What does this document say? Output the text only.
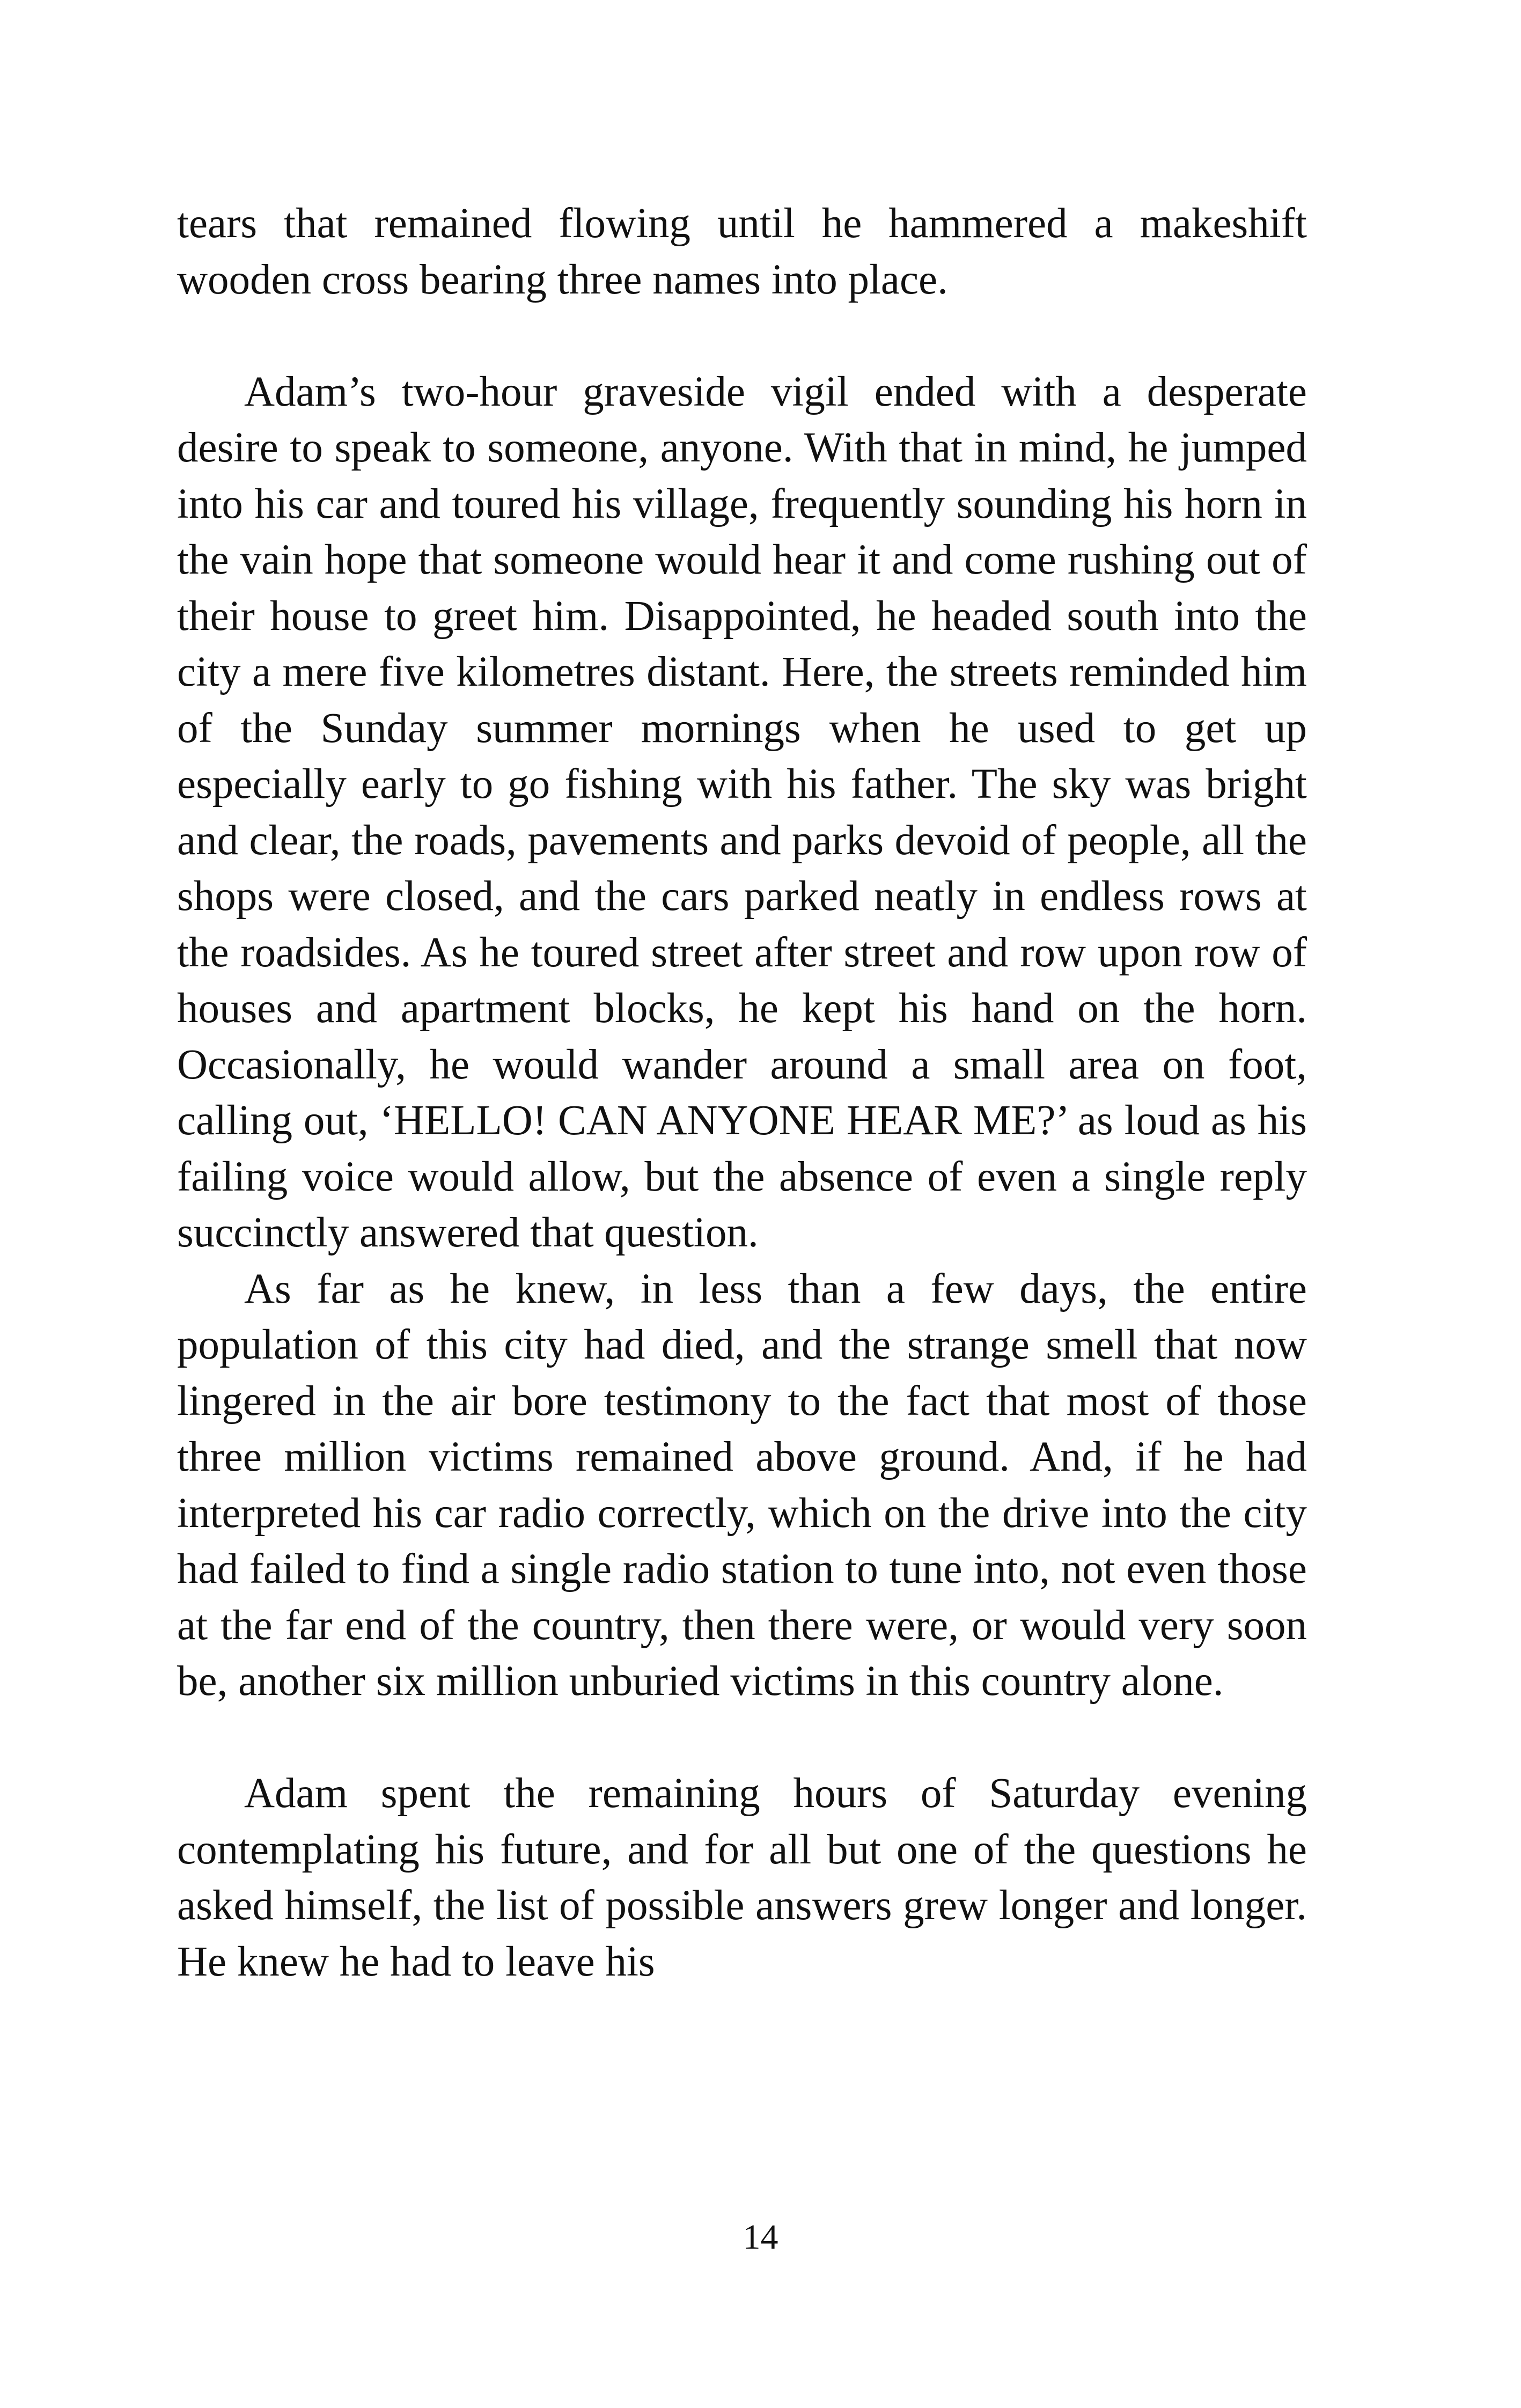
tears that remained flowing until he hammered a makeshift wooden cross bearing three names into place.

Adam’s two-hour graveside vigil ended with a desperate desire to speak to someone, anyone. With that in mind, he jumped into his car and toured his village, frequently sounding his horn in the vain hope that someone would hear it and come rushing out of their house to greet him. Disappointed, he headed south into the city a mere five kilometres distant. Here, the streets reminded him of the Sunday summer mornings when he used to get up especially early to go fishing with his father. The sky was bright and clear, the roads, pavements and parks devoid of people, all the shops were closed, and the cars parked neatly in endless rows at the roadsides. As he toured street after street and row upon row of houses and apartment blocks, he kept his hand on the horn. Occasionally, he would wander around a small area on foot, calling out, ‘HELLO! CAN ANYONE HEAR ME?’ as loud as his failing voice would allow, but the absence of even a single reply succinctly answered that question.

As far as he knew, in less than a few days, the entire population of this city had died, and the strange smell that now lingered in the air bore testimony to the fact that most of those three million victims remained above ground. And, if he had interpreted his car radio correctly, which on the drive into the city had failed to find a single radio station to tune into, not even those at the far end of the country, then there were, or would very soon be, another six million unburied victims in this country alone.

Adam spent the remaining hours of Saturday evening contemplating his future, and for all but one of the questions he asked himself, the list of possible answers grew longer and longer. He knew he had to leave his

14
